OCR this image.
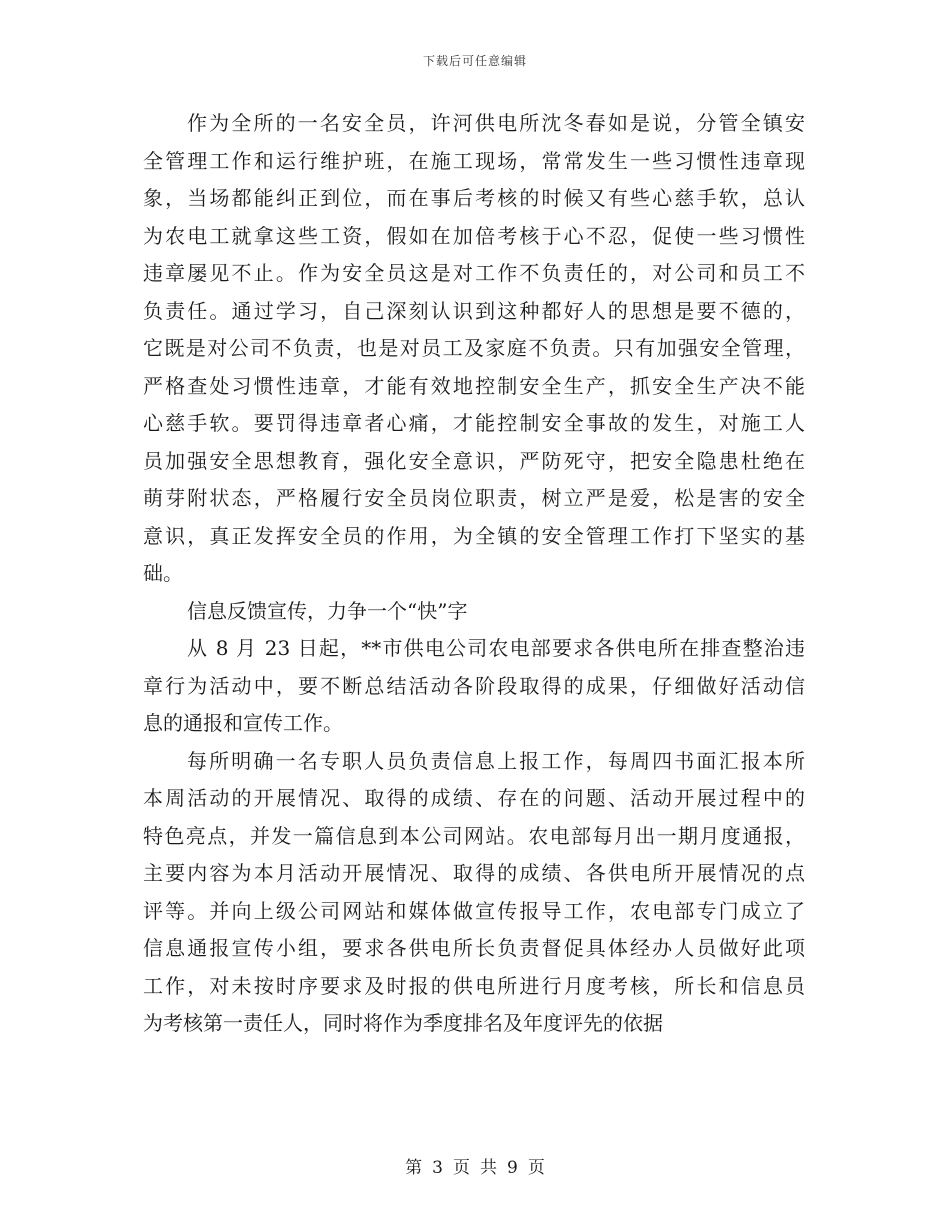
下载后可任意编辑
作为全所的一名安全员，许河供电所沈冬春如是说，分管全镇安
全管理工作和运行维护班，在施工现场，常常发生一些习惯性违章现
象，当场都能纠正到位，而在事后考核的时候又有些心慈手软，总认
为农电工就拿这些工资，假如在加倍考核于心不忍，促使一些习惯性
违章屡见不止。作为安全员这是对工作不负责任的，对公司和员工不
负责任。通过学习，自己深刻认识到这种都好人的思想是要不德的，
它既是对公司不负责，也是对员工及家庭不负责。只有加强安全管理，
严格查处习惯性违章，才能有效地控制安全生产，抓安全生产决不能
心慈手软。要罚得违章者心痛，才能控制安全事故的发生，对施工人
员加强安全思想教育，强化安全意识，严防死守，把安全隐患杜绝在
萌芽附状态，严格履行安全员岗位职责，树立严是爱，松是害的安全
意识，真正发挥安全员的作用，为全镇的安全管理工作打下坚实的基
础。
信息反馈宣传，力争一个“快”字
从 8 月 23 日起，**市供电公司农电部要求各供电所在排查整治违
章行为活动中，要不断总结活动各阶段取得的成果，仔细做好活动信
息的通报和宣传工作。
每所明确一名专职人员负责信息上报工作，每周四书面汇报本所
本周活动的开展情况、取得的成绩、存在的问题、活动开展过程中的
特色亮点，并发一篇信息到本公司网站。农电部每月出一期月度通报，
主要内容为本月活动开展情况、取得的成绩、各供电所开展情况的点
评等。并向上级公司网站和媒体做宣传报导工作，农电部专门成立了
信息通报宣传小组，要求各供电所长负责督促具体经办人员做好此项
工作，对未按时序要求及时报的供电所进行月度考核，所长和信息员
为考核第一责任人，同时将作为季度排名及年度评先的依据
第 3 页 共 9 页
